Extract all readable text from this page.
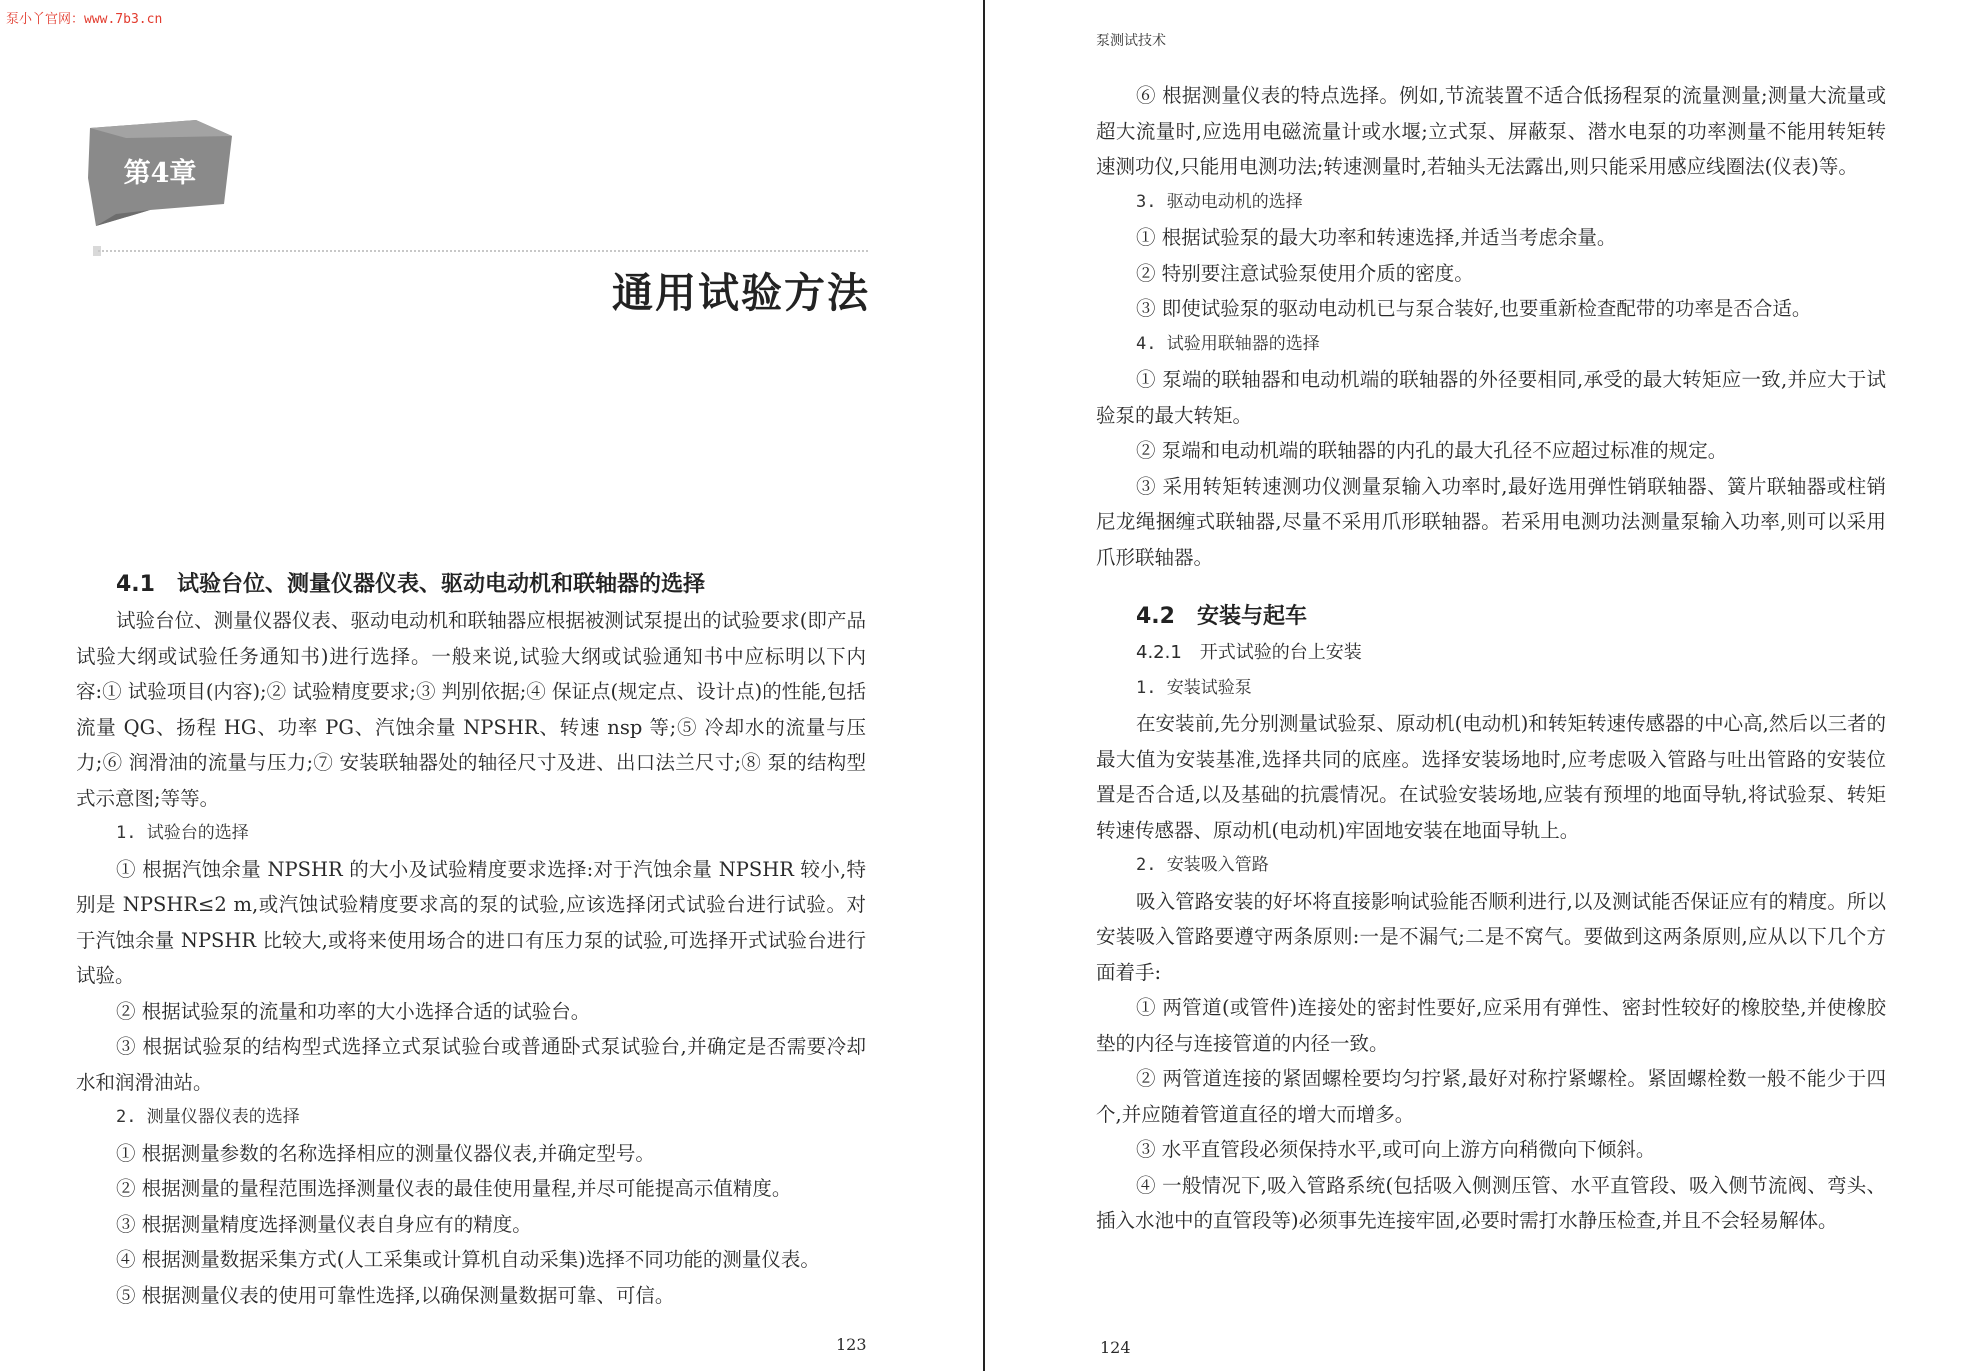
泵小丫官网：www.7b3.cn
第4章
通用试验方法
4.1 试验台位、测量仪器仪表、驱动电动机和联轴器的选择
试验台位、测量仪器仪表、驱动电动机和联轴器应根据被测试泵提出的试验要求(即产品试验大纲或试验任务通知书)进行选择。一般来说,试验大纲或试验通知书中应标明以下内容:① 试验项目(内容);② 试验精度要求;③ 判别依据;④ 保证点(规定点、设计点)的性能,包括流量 QG、扬程 HG、功率 PG、汽蚀余量 NPSHR、转速 nsp 等;⑤ 冷却水的流量与压力;⑥ 润滑油的流量与压力;⑦ 安装联轴器处的轴径尺寸及进、出口法兰尺寸;⑧ 泵的结构型式示意图;等等。
1. 试验台的选择
① 根据汽蚀余量 NPSHR 的大小及试验精度要求选择:对于汽蚀余量 NPSHR 较小,特别是 NPSHR≤2 m,或汽蚀试验精度要求高的泵的试验,应该选择闭式试验台进行试验。对于汽蚀余量 NPSHR 比较大,或将来使用场合的进口有压力泵的试验,可选择开式试验台进行试验。
② 根据试验泵的流量和功率的大小选择合适的试验台。
③ 根据试验泵的结构型式选择立式泵试验台或普通卧式泵试验台,并确定是否需要冷却水和润滑油站。
2. 测量仪器仪表的选择
① 根据测量参数的名称选择相应的测量仪器仪表,并确定型号。
② 根据测量的量程范围选择测量仪表的最佳使用量程,并尽可能提高示值精度。
③ 根据测量精度选择测量仪表自身应有的精度。
④ 根据测量数据采集方式(人工采集或计算机自动采集)选择不同功能的测量仪表。
⑤ 根据测量仪表的使用可靠性选择,以确保测量数据可靠、可信。
123
泵测试技术
⑥ 根据测量仪表的特点选择。例如,节流装置不适合低扬程泵的流量测量;测量大流量或超大流量时,应选用电磁流量计或水堰;立式泵、屏蔽泵、潜水电泵的功率测量不能用转矩转速测功仪,只能用电测功法;转速测量时,若轴头无法露出,则只能采用感应线圈法(仪表)等。
3. 驱动电动机的选择
① 根据试验泵的最大功率和转速选择,并适当考虑余量。
② 特别要注意试验泵使用介质的密度。
③ 即使试验泵的驱动电动机已与泵合装好,也要重新检查配带的功率是否合适。
4. 试验用联轴器的选择
① 泵端的联轴器和电动机端的联轴器的外径要相同,承受的最大转矩应一致,并应大于试验泵的最大转矩。
② 泵端和电动机端的联轴器的内孔的最大孔径不应超过标准的规定。
③ 采用转矩转速测功仪测量泵输入功率时,最好选用弹性销联轴器、簧片联轴器或柱销尼龙绳捆缠式联轴器,尽量不采用爪形联轴器。若采用电测功法测量泵输入功率,则可以采用爪形联轴器。
4.2 安装与起车
4.2.1　开式试验的台上安装
1. 安装试验泵
在安装前,先分别测量试验泵、原动机(电动机)和转矩转速传感器的中心高,然后以三者的最大值为安装基准,选择共同的底座。选择安装场地时,应考虑吸入管路与吐出管路的安装位置是否合适,以及基础的抗震情况。在试验安装场地,应装有预埋的地面导轨,将试验泵、转矩转速传感器、原动机(电动机)牢固地安装在地面导轨上。
2. 安装吸入管路
吸入管路安装的好坏将直接影响试验能否顺利进行,以及测试能否保证应有的精度。所以安装吸入管路要遵守两条原则:一是不漏气;二是不窝气。要做到这两条原则,应从以下几个方面着手:
① 两管道(或管件)连接处的密封性要好,应采用有弹性、密封性较好的橡胶垫,并使橡胶垫的内径与连接管道的内径一致。
② 两管道连接的紧固螺栓要均匀拧紧,最好对称拧紧螺栓。紧固螺栓数一般不能少于四个,并应随着管道直径的增大而增多。
③ 水平直管段必须保持水平,或可向上游方向稍微向下倾斜。
④ 一般情况下,吸入管路系统(包括吸入侧测压管、水平直管段、吸入侧节流阀、弯头、插入水池中的直管段等)必须事先连接牢固,必要时需打水静压检查,并且不会轻易解体。
124
